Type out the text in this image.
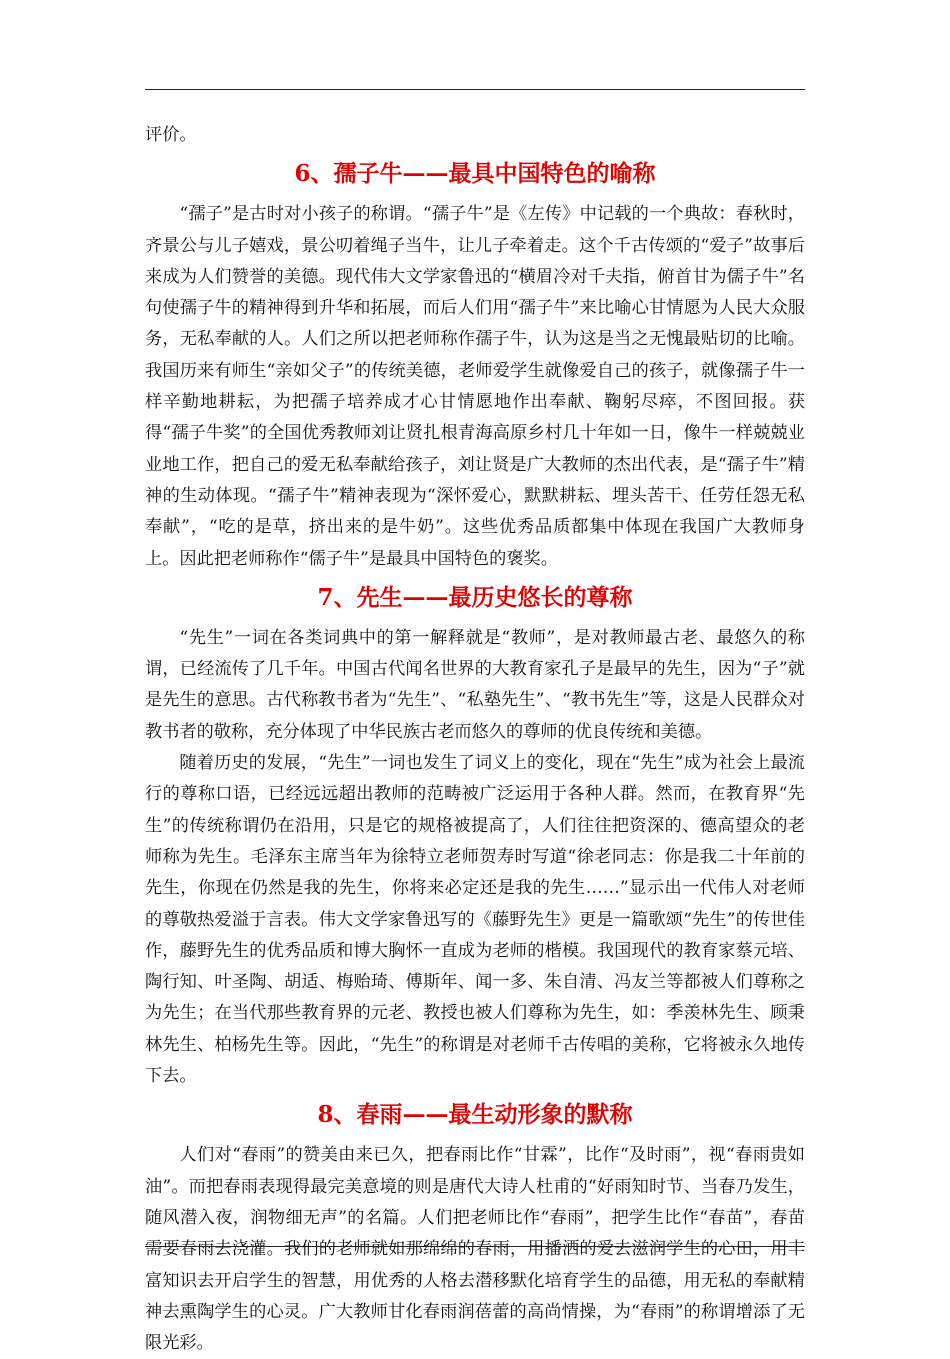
评价。

6、孺子牛——最具中国特色的喻称

“孺子”是古时对小孩子的称谓。“孺子牛”是《左传》中记载的一个典故：春秋时，齐景公与儿子嬉戏，景公叨着绳子当牛，让儿子牵着走。这个千古传颂的“爱子”故事后来成为人们赞誉的美德。现代伟大文学家鲁迅的“横眉冷对千夫指，俯首甘为儒子牛”名句使孺子牛的精神得到升华和拓展，而后人们用“孺子牛”来比喻心甘情愿为人民大众服务，无私奉献的人。人们之所以把老师称作孺子牛，认为这是当之无愧最贴切的比喻。我国历来有师生“亲如父子”的传统美德，老师爱学生就像爱自己的孩子，就像孺子牛一样辛勤地耕耘，为把孺子培养成才心甘情愿地作出奉献、鞠躬尽瘁，不图回报。获得“孺子牛奖”的全国优秀教师刘让贤扎根青海高原乡村几十年如一日，像牛一样兢兢业业地工作，把自己的爱无私奉献给孩子，刘让贤是广大教师的杰出代表，是“孺子牛”精神的生动体现。“孺子牛”精神表现为“深怀爱心，默默耕耘、埋头苦干、任劳任怨无私奉献”，“吃的是草，挤出来的是牛奶”。这些优秀品质都集中体现在我国广大教师身上。因此把老师称作“儒子牛”是最具中国特色的褒奖。

7、先生——最历史悠长的尊称

“先生”一词在各类词典中的第一解释就是“教师”，是对教师最古老、最悠久的称谓，已经流传了几千年。中国古代闻名世界的大教育家孔子是最早的先生，因为“子”就是先生的意思。古代称教书者为“先生”、“私塾先生”、“教书先生”等，这是人民群众对教书者的敬称，充分体现了中华民族古老而悠久的尊师的优良传统和美德。

随着历史的发展，“先生”一词也发生了词义上的变化，现在“先生”成为社会上最流行的尊称口语，已经远远超出教师的范畴被广泛运用于各种人群。然而，在教育界“先生”的传统称谓仍在沿用，只是它的规格被提高了，人们往往把资深的、德高望众的老师称为先生。毛泽东主席当年为徐特立老师贺寿时写道“徐老同志：你是我二十年前的先生，你现在仍然是我的先生，你将来必定还是我的先生……”显示出一代伟人对老师的尊敬热爱溢于言表。伟大文学家鲁迅写的《藤野先生》更是一篇歌颂“先生”的传世佳作，藤野先生的优秀品质和博大胸怀一直成为老师的楷模。我国现代的教育家蔡元培、陶行知、叶圣陶、胡适、梅贻琦、傅斯年、闻一多、朱自清、冯友兰等都被人们尊称之为先生；在当代那些教育界的元老、教授也被人们尊称为先生，如：季羡林先生、顾秉林先生、柏杨先生等。因此，“先生”的称谓是对老师千古传唱的美称，它将被永久地传下去。

8、春雨——最生动形象的默称

人们对“春雨”的赞美由来已久，把春雨比作“甘霖”，比作“及时雨”，视“春雨贵如油”。而把春雨表现得最完美意境的则是唐代大诗人杜甫的“好雨知时节、当春乃发生，随风潜入夜，润物细无声”的名篇。人们把老师比作“春雨”，把学生比作“春苗”，春苗需要春雨去浇灌。我们的老师就如那绵绵的春雨，用播洒的爱去滋润学生的心田，用丰富知识去开启学生的智慧，用优秀的人格去潜移默化培育学生的品德，用无私的奉献精神去熏陶学生的心灵。广大教师甘化春雨润蓓蕾的高尚情操，为“春雨”的称谓增添了无限光彩。
